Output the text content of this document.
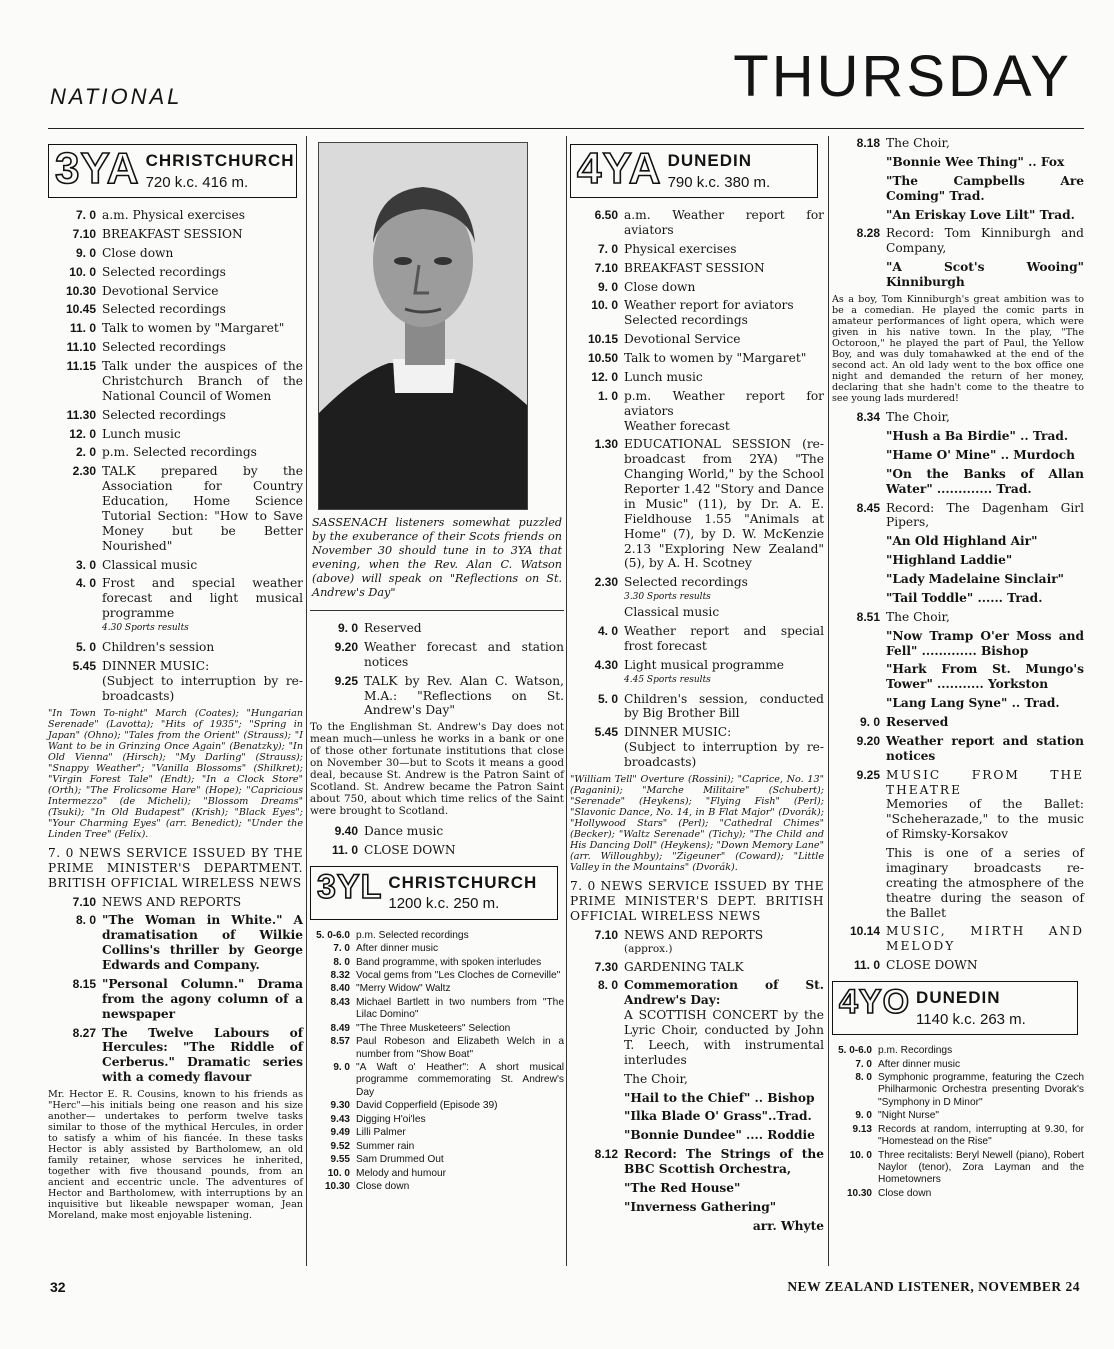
NATIONAL	THURSDAY
3YA CHRISTCHURCH
720 k.c. 416 m.
7. 0 a.m. Physical exercises
7.10 BREAKFAST SESSION
9. 0 Close down
10. 0 Selected recordings
10.30 Devotional Service
10.45 Selected recordings
11. 0 Talk to women by "Margaret"
11.10 Selected recordings
11.15 Talk under the auspices of the Christchurch Branch of the National Council of Women
11.30 Selected recordings
12. 0 Lunch music
2. 0 p.m. Selected recordings
2.30 TALK prepared by the Association for Country Education, Home Science Tutorial Section: "How to Save Money but be Better Nourished"
3. 0 Classical music
4. 0 Frost and special weather forecast and light musical programme
4.30 Sports results
5. 0 Children's session
5.45 DINNER MUSIC:
(Subject to interruption by re-broadcasts)
"In Town To-night" March (Coates); "Hungarian Serenade" (Lavotta); "Hits of 1935"; "Spring in Japan" (Ohno); "Tales from the Orient" (Strauss); "I Want to be in Grinzing Once Again" (Benatzky); "In Old Vienna" (Hirsch); "My Darling" (Strauss); "Snappy Weather"; "Vanilla Blossoms" (Shilkret); "Virgin Forest Tale" (Endt); "In a Clock Store" (Orth); "The Frolicsome Hare" (Hope); "Capricious Intermezzo" (de Micheli); "Blossom Dreams" (Tsuki); "In Old Budapest" (Krish); "Black Eyes"; "Your Charming Eyes" (arr. Benedict); "Under the Linden Tree" (Felix).
7. 0 NEWS SERVICE ISSUED BY THE PRIME MINISTER'S DEPARTMENT. BRITISH OFFICIAL WIRELESS NEWS
7.10 NEWS AND REPORTS
8. 0 "The Woman in White." A dramatisation of Wilkie Collins's thriller by George Edwards and Company.
8.15 "Personal Column." Drama from the agony column of a newspaper
8.27 The Twelve Labours of Hercules: "The Riddle of Cerberus." Dramatic series with a comedy flavour
Mr. Hector E. R. Cousins, known to his friends as "Herc"—his initials being one reason and his size another— undertakes to perform twelve tasks similar to those of the mythical Hercules, in order to satisfy a whim of his fiancée. In these tasks Hector is ably assisted by Bartholomew, an old family retainer, whose services he inherited, together with five thousand pounds, from an ancient and eccentric uncle. The adventures of Hector and Bartholomew, with interruptions by an inquisitive but likeable newspaper woman, Jean Moreland, make most enjoyable listening.
SASSENACH listeners somewhat puzzled by the exuberance of their Scots friends on November 30 should tune in to 3YA that evening, when the Rev. Alan C. Watson (above) will speak on "Reflections on St. Andrew's Day"
9. 0 Reserved
9.20 Weather forecast and station notices
9.25 TALK by Rev. Alan C. Watson, M.A.: "Reflections on St. Andrew's Day"
To the Englishman St. Andrew's Day does not mean much—unless he works in a bank or one of those other fortunate institutions that close on November 30—but to Scots it means a good deal, because St. Andrew is the Patron Saint of Scotland. St. Andrew became the Patron Saint about 750, about which time relics of the Saint were brought to Scotland.
9.40 Dance music
11. 0 CLOSE DOWN
3YL CHRISTCHURCH
1200 k.c. 250 m.
5. 0-6.0 p.m. Selected recordings
7. 0 After dinner music
8. 0 Band programme, with spoken interludes
8.32 Vocal gems from "Les Cloches de Corneville"
8.40 "Merry Widow" Waltz
8.43 Michael Bartlett in two numbers from "The Lilac Domino"
8.49 "The Three Musketeers" Selection
8.57 Paul Robeson and Elizabeth Welch in a number from "Show Boat"
9. 0 "A Waft o' Heather": A short musical programme commemorating St. Andrew's Day
9.30 David Copperfield (Episode 39)
9.43 Digging H'oi'les
9.49 Lilli Palmer
9.52 Summer rain
9.55 Sam Drummed Out
10. 0 Melody and humour
10.30 Close down
4YA DUNEDIN
790 k.c. 380 m.
6.50 a.m. Weather report for aviators
7. 0 Physical exercises
7.10 BREAKFAST SESSION
9. 0 Close down
10. 0 Weather report for aviators
Selected recordings
10.15 Devotional Service
10.50 Talk to women by "Margaret"
12. 0 Lunch music
1. 0 p.m. Weather report for aviators
Weather forecast
1.30 EDUCATIONAL SESSION (re-broadcast from 2YA) "The Changing World," by the School Reporter 1.42 "Story and Dance in Music" (11), by Dr. A. E. Fieldhouse 1.55 "Animals at Home" (7), by D. W. McKenzie 2.13 "Exploring New Zealand" (5), by A. H. Scotney
2.30 Selected recordings
3.30 Sports results
Classical music
4. 0 Weather report and special frost forecast
4.30 Light musical programme
4.45 Sports results
5. 0 Children's session, conducted by Big Brother Bill
5.45 DINNER MUSIC:
(Subject to interruption by re-broadcasts)
"William Tell" Overture (Rossini); "Caprice, No. 13" (Paganini); "Marche Militaire" (Schubert); "Serenade" (Heykens); "Flying Fish" (Perl); "Slavonic Dance, No. 14, in B Flat Major" (Dvorák); "Hollywood Stars" (Perl); "Cathedral Chimes" (Becker); "Waltz Serenade" (Tichy); "The Child and His Dancing Doll" (Heykens); "Down Memory Lane" (arr. Willoughby); "Zigeuner" (Coward); "Little Valley in the Mountains" (Dvorák).
7. 0 NEWS SERVICE ISSUED BY THE PRIME MINISTER'S DEPT. BRITISH OFFICIAL WIRELESS NEWS
7.10 NEWS AND REPORTS
(approx.)
7.30 GARDENING TALK
8. 0 Commemoration of St. Andrew's Day:
A SCOTTISH CONCERT by the Lyric Choir, conducted by John T. Leech, with instrumental interludes
The Choir,
"Hail to the Chief" .. Bishop
"Ilka Blade O' Grass"..Trad.
"Bonnie Dundee" .... Roddie
8.12 Record: The Strings of the BBC Scottish Orchestra,
"The Red House"
"Inverness Gathering"
arr. Whyte
8.18 The Choir,
"Bonnie Wee Thing" .. Fox
"The Campbells Are Coming" Trad.
"An Eriskay Love Lilt" Trad.
8.28 Record: Tom Kinniburgh and Company,
"A Scot's Wooing" Kinniburgh
As a boy, Tom Kinniburgh's great ambition was to be a comedian. He played the comic parts in amateur performances of light opera, which were given in his native town. In the play, "The Octoroon," he played the part of Paul, the Yellow Boy, and was duly tomahawked at the end of the second act. An old lady went to the box office one night and demanded the return of her money, declaring that she hadn't come to the theatre to see young lads murdered!
8.34 The Choir,
"Hush a Ba Birdie" .. Trad.
"Hame O' Mine" .. Murdoch
"On the Banks of Allan Water" ............. Trad.
8.45 Record: The Dagenham Girl Pipers,
"An Old Highland Air"
"Highland Laddie"
"Lady Madelaine Sinclair"
"Tail Toddle" ...... Trad.
8.51 The Choir,
"Now Tramp O'er Moss and Fell" ............. Bishop
"Hark From St. Mungo's Tower" ........... Yorkston
"Lang Lang Syne" .. Trad.
9. 0 Reserved
9.20 Weather report and station notices
9.25 MUSIC FROM THE THEATRE
Memories of the Ballet: "Scheherazade," to the music of Rimsky-Korsakov
This is one of a series of imaginary broadcasts re-creating the atmosphere of the theatre during the season of the Ballet
10.14 MUSIC, MIRTH AND MELODY
11. 0 CLOSE DOWN
4YO DUNEDIN
1140 k.c. 263 m.
5. 0-6.0 p.m. Recordings
7. 0 After dinner music
8. 0 Symphonic programme, featuring the Czech Philharmonic Orchestra presenting Dvorak's "Symphony in D Minor"
9. 0 "Night Nurse"
9.13 Records at random, interrupting at 9.30, for "Homestead on the Rise"
10. 0 Three recitalists: Beryl Newell (piano), Robert Naylor (tenor), Zora Layman and the Hometowners
10.30 Close down
32	NEW ZEALAND LISTENER, NOVEMBER 24
